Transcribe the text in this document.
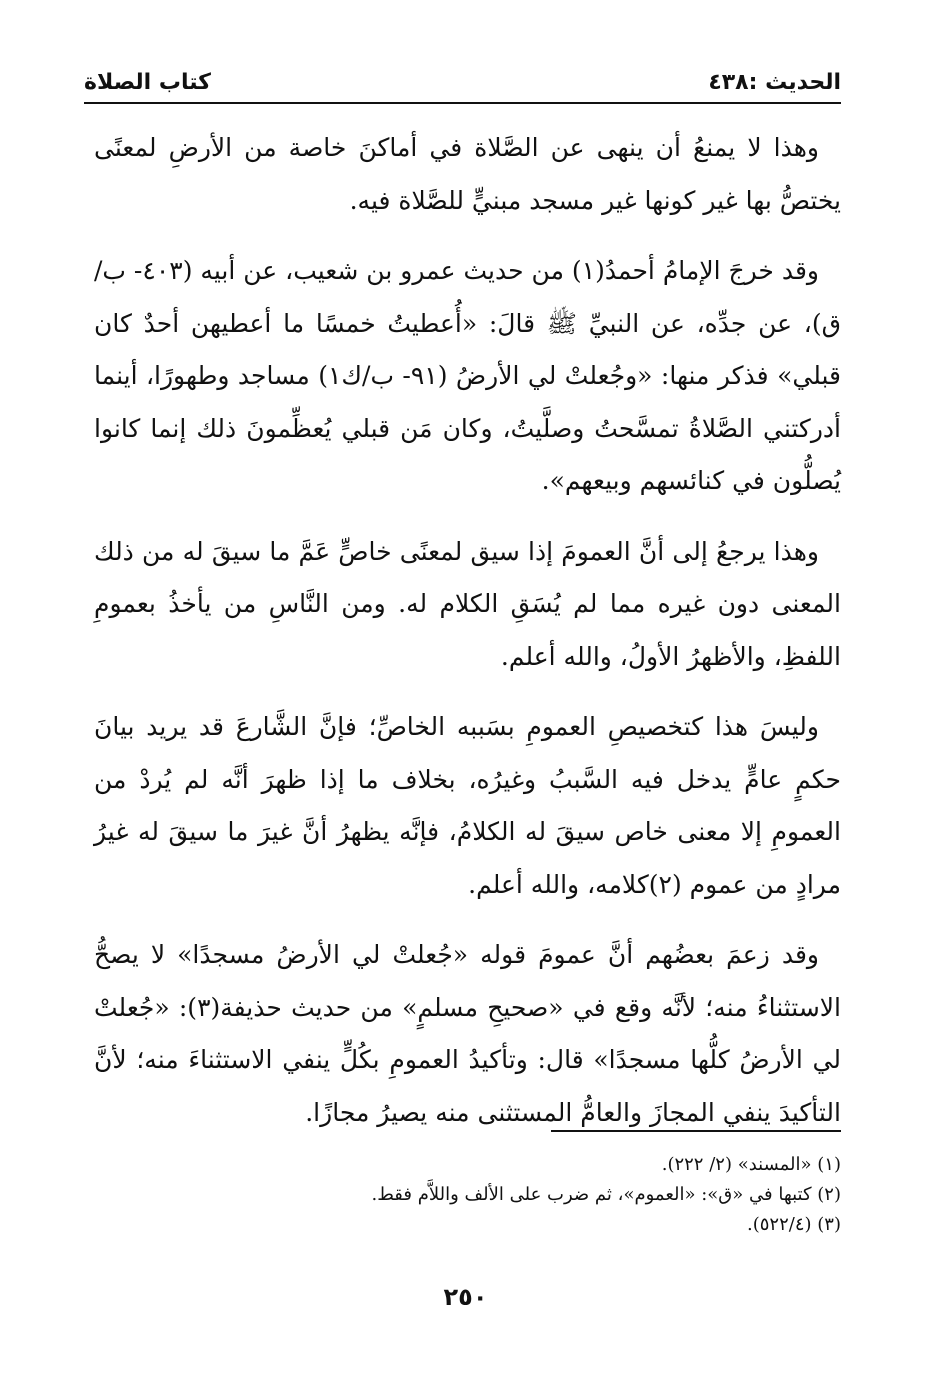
الحديث :٤٣٨
كتاب الصلاة

وهذا لا يمنعُ أن ينهى عن الصَّلاة في أماكنَ خاصة من الأرضِ لمعنًى يختصُّ بها غير كونها غير مسجد مبنيٍّ للصَّلاة فيه.

وقد خرجَ الإمامُ أحمدُ(١) من حديث عمرو بن شعيب، عن أبيه (٤٠٣- ب/ق)، عن جدِّه، عن النبيِّ ﷺ قالَ: «أُعطيتُ خمسًا ما أعطيهن أحدٌ كان قبلي» فذكر منها: «وجُعلتْ لي الأرضُ (٩١- ب/ك١) مساجد وطهورًا، أينما أدركتني الصَّلاةُ تمسَّحتُ وصلَّيتُ، وكان مَن قبلي يُعظِّمونَ ذلك إنما كانوا يُصلُّون في كنائسهم وبيعهم».

وهذا يرجعُ إلى أنَّ العمومَ إذا سيق لمعنًى خاصٍّ عَمَّ ما سيقَ له من ذلك المعنى دون غيره مما لم يُسَقِ الكلام له. ومن النَّاسِ من يأخذُ بعمومِ اللفظِ، والأظهرُ الأولُ، والله أعلم.

وليسَ هذا كتخصيصِ العمومِ بسَببه الخاصِّ؛ فإنَّ الشَّارعَ قد يريد بيانَ حكمٍ عامٍّ يدخل فيه السَّببُ وغيرُه، بخلاف ما إذا ظهرَ أنَّه لم يُردْ من العمومِ إلا معنى خاص سيقَ له الكلامُ، فإنَّه يظهرُ أنَّ غيرَ ما سيقَ له غيرُ مرادٍ من عموم (٢)كلامه، والله أعلم.

وقد زعمَ بعضُهم أنَّ عمومَ قوله «جُعلتْ لي الأرضُ مسجدًا» لا يصحُّ الاستثناءُ منه؛ لأنَّه وقع في «صحيحِ مسلمٍ» من حديث حذيفة(٣): «جُعلتْ لي الأرضُ كلُّها مسجدًا» قال: وتأكيدُ العمومِ بكُلٍّ ينفي الاستثناءَ منه؛ لأنَّ التأكيدَ ينفي المجازَ والعامُّ المستثنى منه يصيرُ مجازًا.

(١) «المسند» (٢/ ٢٢٢).

(٢) كتبها في «ق»: «العموم»، ثم ضرب على الألف واللاَّم فقط.

(٣) (٥٢٢/٤).

٢٥٠
